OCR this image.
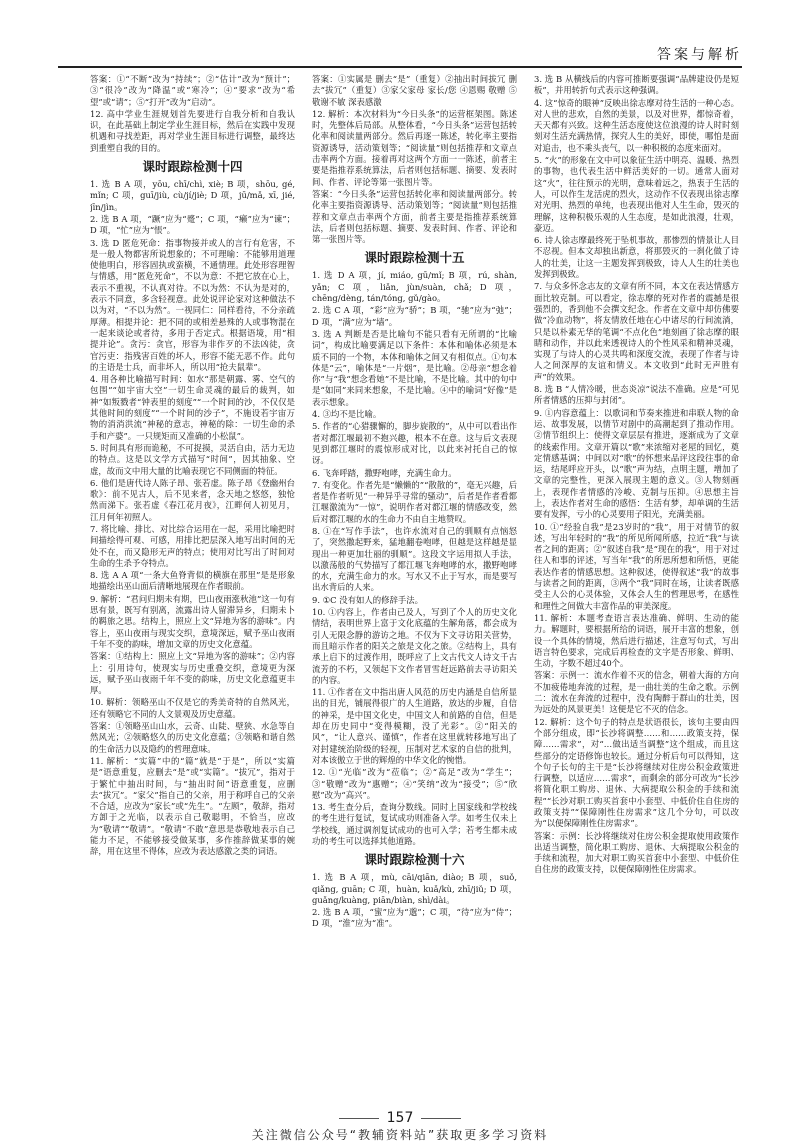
答案与解析

答案：①“不断”改为“持续”；②“估计”改为“预计”；③“很冷”改为“降温”或“寒冷”；④“要求”改为“希望”或“请”；⑤“打开”改为“启动”。

12. 高中学业生涯规划首先要进行自我分析和自我认识，在此基础上制定学业生涯目标，然后在实践中发现机遇和寻找差距，再对学业生涯目标进行调整，最终达到重塑自我的目的。

课时跟踪检测十四

1. 选 B A 项，yōu, chī/chì, xiè; B 项，shōu, gé, mǐn; C 项，guī/jiù, cù/jí/jiè; D 项，jū/mǎ, xī, jié, jīn/jìn。

2. 选 B A 项，“蹶”应为“蹙”；C 项，“癞”应为“谏”；D 项，“忙”应为“悵”。

3. 选 D 匿危死命：指事物接并或人的言行有危害，不是一般人物都害所说想象的；不可理喻：不能够用道理使他明白，形容固执或蛮横，不通情理。此处形容理智与情感，用“匿危死命”，不以为意：不把它放在心上，表示不重视，不认真对待。不以为然：不认为是对的，表示不同意，多含轻视意。此处说评论家对这种做法不以为对，“不以为然”。一视同仁：同样看待，不分亲疏厚薄。相提并论：把不同的或相差悬殊的人或事物混在一起来谈论或者待，多用于否定式。根据语境，用“相提并论”。贪污：贪官，形容为非作歹的不法凶徒，贪官污吏：指残害百姓的坏人，形容不能无恶不作。此句的主语是士兵，而非坏人，所以用“抢夫鼠辈”。

4. 用各种比喻描写时间：如水“那是朝露、雾、空气的包围”“如宇宙大空”一切生命灵魂的最后的裁判，如神“如叛戮者“钟表里的刻度”“一个时间的沙，不仅仅是其他时间的刻度”“一个时间的沙子”，不施设若宇宙万物的消消洪流“神秘的意志，神秘的除：一切生命的杀手和产婆”。一只规矩而又准确的小松鼠”。

5. 时间具有形而诡秘，不可捉摸，灵活自由，活力无边的特点。这是以文学方式描写“时间”，因其抽象、空虚，故而文中用大量的比喻表现它不同侧面的特征。

6. 他们是唐代诗人陈子昂、张若虚。陈子昂《登幽州台歌》：前不见古人，后不见来者，念天地之悠悠，独怆然而涕下。张若虚《春江花月夜》，江畔何人初见月，江月何年初照人。

7. 将比喻、排比、对比综合运用在一起，采用比喻把时间描绘得可观、可感，用排比把层深入地写出时间的无处不在，而又隐形无声的特点；使用对比写出了时间对生命的生杀予夺特点。

8. 选 A A 项“一条大鱼脊背似的横旗在那里”是是形象地描绘出巫山面后清晰地展现在作者眼前。

9. 解析：“君问归期未有期，巴山夜雨涨秋池”这一句有思有景，既写有别离，流露出诗人留滞异乡，归期未卜的羁旅之思。结构上，照应上文“异地为客的游味”。内容上，巫山夜雨与现实交织，意境深远，赋予巫山夜雨千年不变的韵味，增加文章的历史文化意蕴。

答案：①结构上：照应上文“异地为客的游味”；②内容上：引用诗句，使现实与历史重叠交织，意境更为深远，赋予巫山夜雨千年不变的韵味，历史文化意蕴更丰厚。

10. 解析：领略巫山不仅是它的秀美奇特的自然风光，还有领略它不同的人文景观及历史意蕴。

答案：①领略巫山山水，云奇、山陡、壁狭、水急等自然风光；②领略悠久的历史文化意蕴；③领略和谐自然的生命活力以及隐约的哲理意味。

11. 解析：“实篇”中的“篇”就是“于是”，所以“实篇是”语意重复，应删去“是”或“实篇”。“拔冗”，指对于于繁忙中抽出时间，与“抽出时间”语意重复，应删去“拔冗”。“家父”指自己的父亲，用于称呼自己的父亲不合适，应改为“家长”或“先生”。“左顾”，敬辞，指对方卸于之光临，以表示自己敬聪明，不恰当，应改为“敬请”“敬请”。“敬请“不敢”意思是恭敬地表示自己能力不足，不能够接受做某事，多作推辞做某事的婉辞，用在这里不得体，应改为表达感激之类的词语。

答案：①实属是 删去“是”（重复）②抽出时间拔冗 删去“拔冗”（重复）③家父家母 家长/您 ④恩赐 敬赠 ⑤敬谢不敏 深表感激

12. 解析：本次材料为“今日头条”的运营框架图。陈述时，先整体后局部。从整体看，“今日头条”运营包括转化率和阅读量两部分。然后再逐一陈述，转化率主要指资源诱导，活动策划等；“阅读量”则包括推荐和文章点击率两个方面。接着再对这两个方面一一陈述，前者主要是指推荐系统算法，后者则包括标题、摘要、发表时间、作者、评论等第一张图片等。

答案：“今日头条”运营包括转化率和阅读量两部分。转化率主要指资源诱导、活动策划等；“阅读量”则包括推荐和文章点击率两个方面，前者主要是指推荐系统算法，后者则包括标题、摘要、发表时间、作者、评论和第一张图片等。

课时跟踪检测十五

1. 选 D A 项，jí, miáo, gū/mǐ; B 项，rú, shàn, yǎn; C 项，liǎn, jùn/suàn, chǎ; D 项，chēng/dèng, tán/tóng, gǔ/gào。

2. 选 C A 项，“彩”应为“骄”；B 项，“驰”应为“弛”；D 项，“满”应为“墙”。

3. 选 A 判断是否是比喻句不能只看有无所谓的“比喻词”，构成比喻要满足以下条件：本体和喻体必须是本质不同的一个物，本体和喻体之间又有相似点。①句本体是“云”，喻体是“一片烟”，是比喻。②母亲“想念着你”与“我“想念看她”不是比喻，不是比喻。其中的句中是“如同”来同来想象，不是比喻。④中的喻词“好像”是表示想象。

4. ③均不是比喻。

5. 作者的“心猎骤懈的，脚步旋散的”，从中可以看出作者对都江堰最初不抱兴趣，根本不在意。这与后文表现见到都江堰时的震惊形成对比，以此来衬托自己的惊讶。

6. 飞奔呼踏，撒野咆哮，充满生命力。

7. 有变化。作者先是“懒懒的”“散散的”，毫无兴趣，后者是作者听见“一种异乎寻常的骚动”，后者是作者看都江堰激流为“一惊”，说明作者对都江堰的情感改变，然后对都江堰的水的生命力不由自主地赞叹。

8. ①在“写作手法”，也许水流对自己的驯顺有点恼怒了，突然撒起野来，猛地翻卷咆哮，但越是这样越是显现出一种更加壮丽的驯顺”。这段文字运用拟人手法，以激荡般的气势描写了都江堰飞奔咆哮的水，撒野咆哮的水，充满生命力的水。写水又不止于写水，而是要写出水背后的人来。

9. ①C 没有如人的修辞手法。

10. ①内容上，作者由己及人，写到了个人的历史文化情结，表明世界上富于文化底蕴的生解角落，都会成为引人无限念静的游访之地。不仅为下文寻访阳关营势，而且暗示作者的阳关之旅是文化之旅。②结构上，具有承上启下的过渡作用，既呼应了上文古代文人诗文千古流芳的不朽，又领起下文作者冒雪赶远路前去寻访阳关的内容。

11. ①作者在文中指出唐人风范的历史内涵是自信所显出的目光，铺展得很广的人生道路，放达的步履，自信的神采，是中国文化史，中国文人和前路的自信，但是却在历史同中“变得模糊，没了光彩”。②“阳关的风”，“让人意兴、谨慎”，作者在这里就转移地写出了对封建统治阶级的轻视，压制对艺术家的自信的批判，对本该傲立于世的辉煌的中华文化的惋惜。

12. ①“光临”改为“莅临”；②“高足”改为“学生”；③“敬赠”改为“惠赠”；④“笑纳”改为“接受”；⑤“欣慰”改为“高兴”。

13. 考生查分后，查询分数线。同时上国家线和学校线的考生进行复试，复试成功则准备入学。如考生仅未上学校线，通过调剂复试成功的也可入学；若考生都未成功的考生可以选择其他道路。

课时跟踪检测十六

1. 选 B A 项，mù, cāi/qiān, diào; B 项，suǒ, qiǎng, guān; C 项，huàn, kuǎ/kù, zhī/jiǔ; D 项，guǎng/kuàng, piān/biàn, shì/dài。

2. 选 B A 项，“蜜”应为“邈”；C 项，“待”应为“侍”；D 项，“淮”应为“准”。

3. 选 B 从横线后的内容可推断要强调“品牌建设仍是短板”，并用转折句式表示这种强调。

4. 这“惊奇的眼神”反映出徐志摩对待生活的一种心态。对人世的悲欢，自然的美景，以及对世界，都惊奇着，天天都有兴致。这种生活态度使这位浪漫的诗人时时刻刻对生活充满热情，探究人生的美好，即使，哪怕是面对追击，也不乘头丧气，以一种积极的态度来面对。

5. “火”的形象在文中可以象征生活中明亮、温暖、热烈的事物，也代表生活中鲜活美好的一切。通常人面对这“火”，往往预示的光明，意味着远之，热衷于生活的人，可以作生龙活虎的烈火，这动作不仅表现出徐志摩对光明、热烈的单纯，也表现出他对人生生命，毁灭的理解，这种积极乐观的人生态度，是如此浪漫，壮观，豪迈。

6. 诗人徐志摩最终死于坠机事故，那惨烈的情景让人目不忍视。但本文却独出新意，将那毁灭的一刹化做了诗人的壮美，让这一主题发挥到极致，诗人人生的壮美也发挥到极致。

7. 与众多怀念志友的文章有所不同，本文在表达情感方面比较克制。可以看定，徐志摩的死对作者的震撼是很强烈的，香到他不会撰文纪念。作者在文章中却仿佛要做“冷血动物”，将友情放任地在心中诸尽的行间流淌，只是以朴素无华的笔调“不点化色”地刻画了徐志摩的眼睛和动作，并以此来透视诗人的个性风采和精神灵魂，实现了与诗人的心灵共鸣和深度交流，表现了作者与诗人之间深厚的友谊和情义。本文收到“此时无声胜有声”的效果。

8. 选 B “人情冷暖，世态炎凉”说法不准确。应是“可见所者情感的压抑与封闭”。

9. ①内容意蕴上：以歌词和节奏来推进和串联人物的命运、故事发展，以情节对剧中的高潮起到了推动作用。②情节组织上：使得文章层层有推进，逐渐成为了文章的线索作用。文章开篇以“歌”来浓缩对老屋的回忆，奠定情感基调；中间以对“歌”的怀想来品评这段往事的命运，结尾呼应开头，以“歌”声为结，点明主题，增加了文章的完整性，更深入展现主题的意义。③人物刻画上，表现作者情感的冷峻、克制与压抑。④思想主旨上，表达作者对生命的感悟：生活有梦，却单调的生活要有发挥，亏小的心灵要用子阳光，充满美丽。

10. ①“经验自我”是23岁时的“我”，用于对情节的叙述，写出年轻时的“我”的所见所闻所感，拉近“我”与读者之间的距离；②“叙述自我”是“现在的我”，用于对过往人和事的评述，写当年“我”的所思所想和所悟，更能表达作者的情感思想。这种叙述，使得叙述“我”的故事与读者之间的距离，③两个“我”同时在场，让读者既感受主人公的心灵体验，又体会人生的哲理思考，在感性和理性之间做大丰富作品的审美深度。

11. 解析：本题考查语言表达准确、鲜明、生动的能力。解题时，要根据所给的词语，展开丰富的想象，创设一个具体的情境，然后进行描述，注意写句式，写出语言特色要求，完成后再检查的文字是否形象、鲜明、生动，字数不超过40个。

答案：示例一：流水作着不灭的信念，朝着大海的方向不加疲倦地奔流的过程，是一曲壮美的生命之歌。示例二：流水在奔流的过程中，没有陶醉于群山的壮美，因为远处的风景更美！这便是它不灭的信念。

12. 解析：这个句子的特点是状语很长，该句主要由四个部分组成，即“长沙将调整……和……政策支持，保障……需求”，对“…做出适当调整”这个组成，而且这些部分的定语修饰也较长。通过分析后句可以得知，这个句子长句的主干是“长沙将继续对住房公积金政策进行调整，以适应……需求”，而剩余的部分可改为“长沙将简化职工购房、退休、大病提取公积金的手续和流程”“长沙对职工购买首套中小套型、中低价住自住房的政策支持”“保障刚性住房需求”这几个分句，可以改为“以便保障刚性住房需求”。

答案：示例：长沙将继续对住房公积金提取使用政策作出适当调整，简化职工购房、退休、大病提取公积金的手续和流程，加大对职工购买首套中小套型、中低价住自住房的政策支持，以便保障刚性住房需求。

157
关注微信公众号“教辅资料站”获取更多学习资料
